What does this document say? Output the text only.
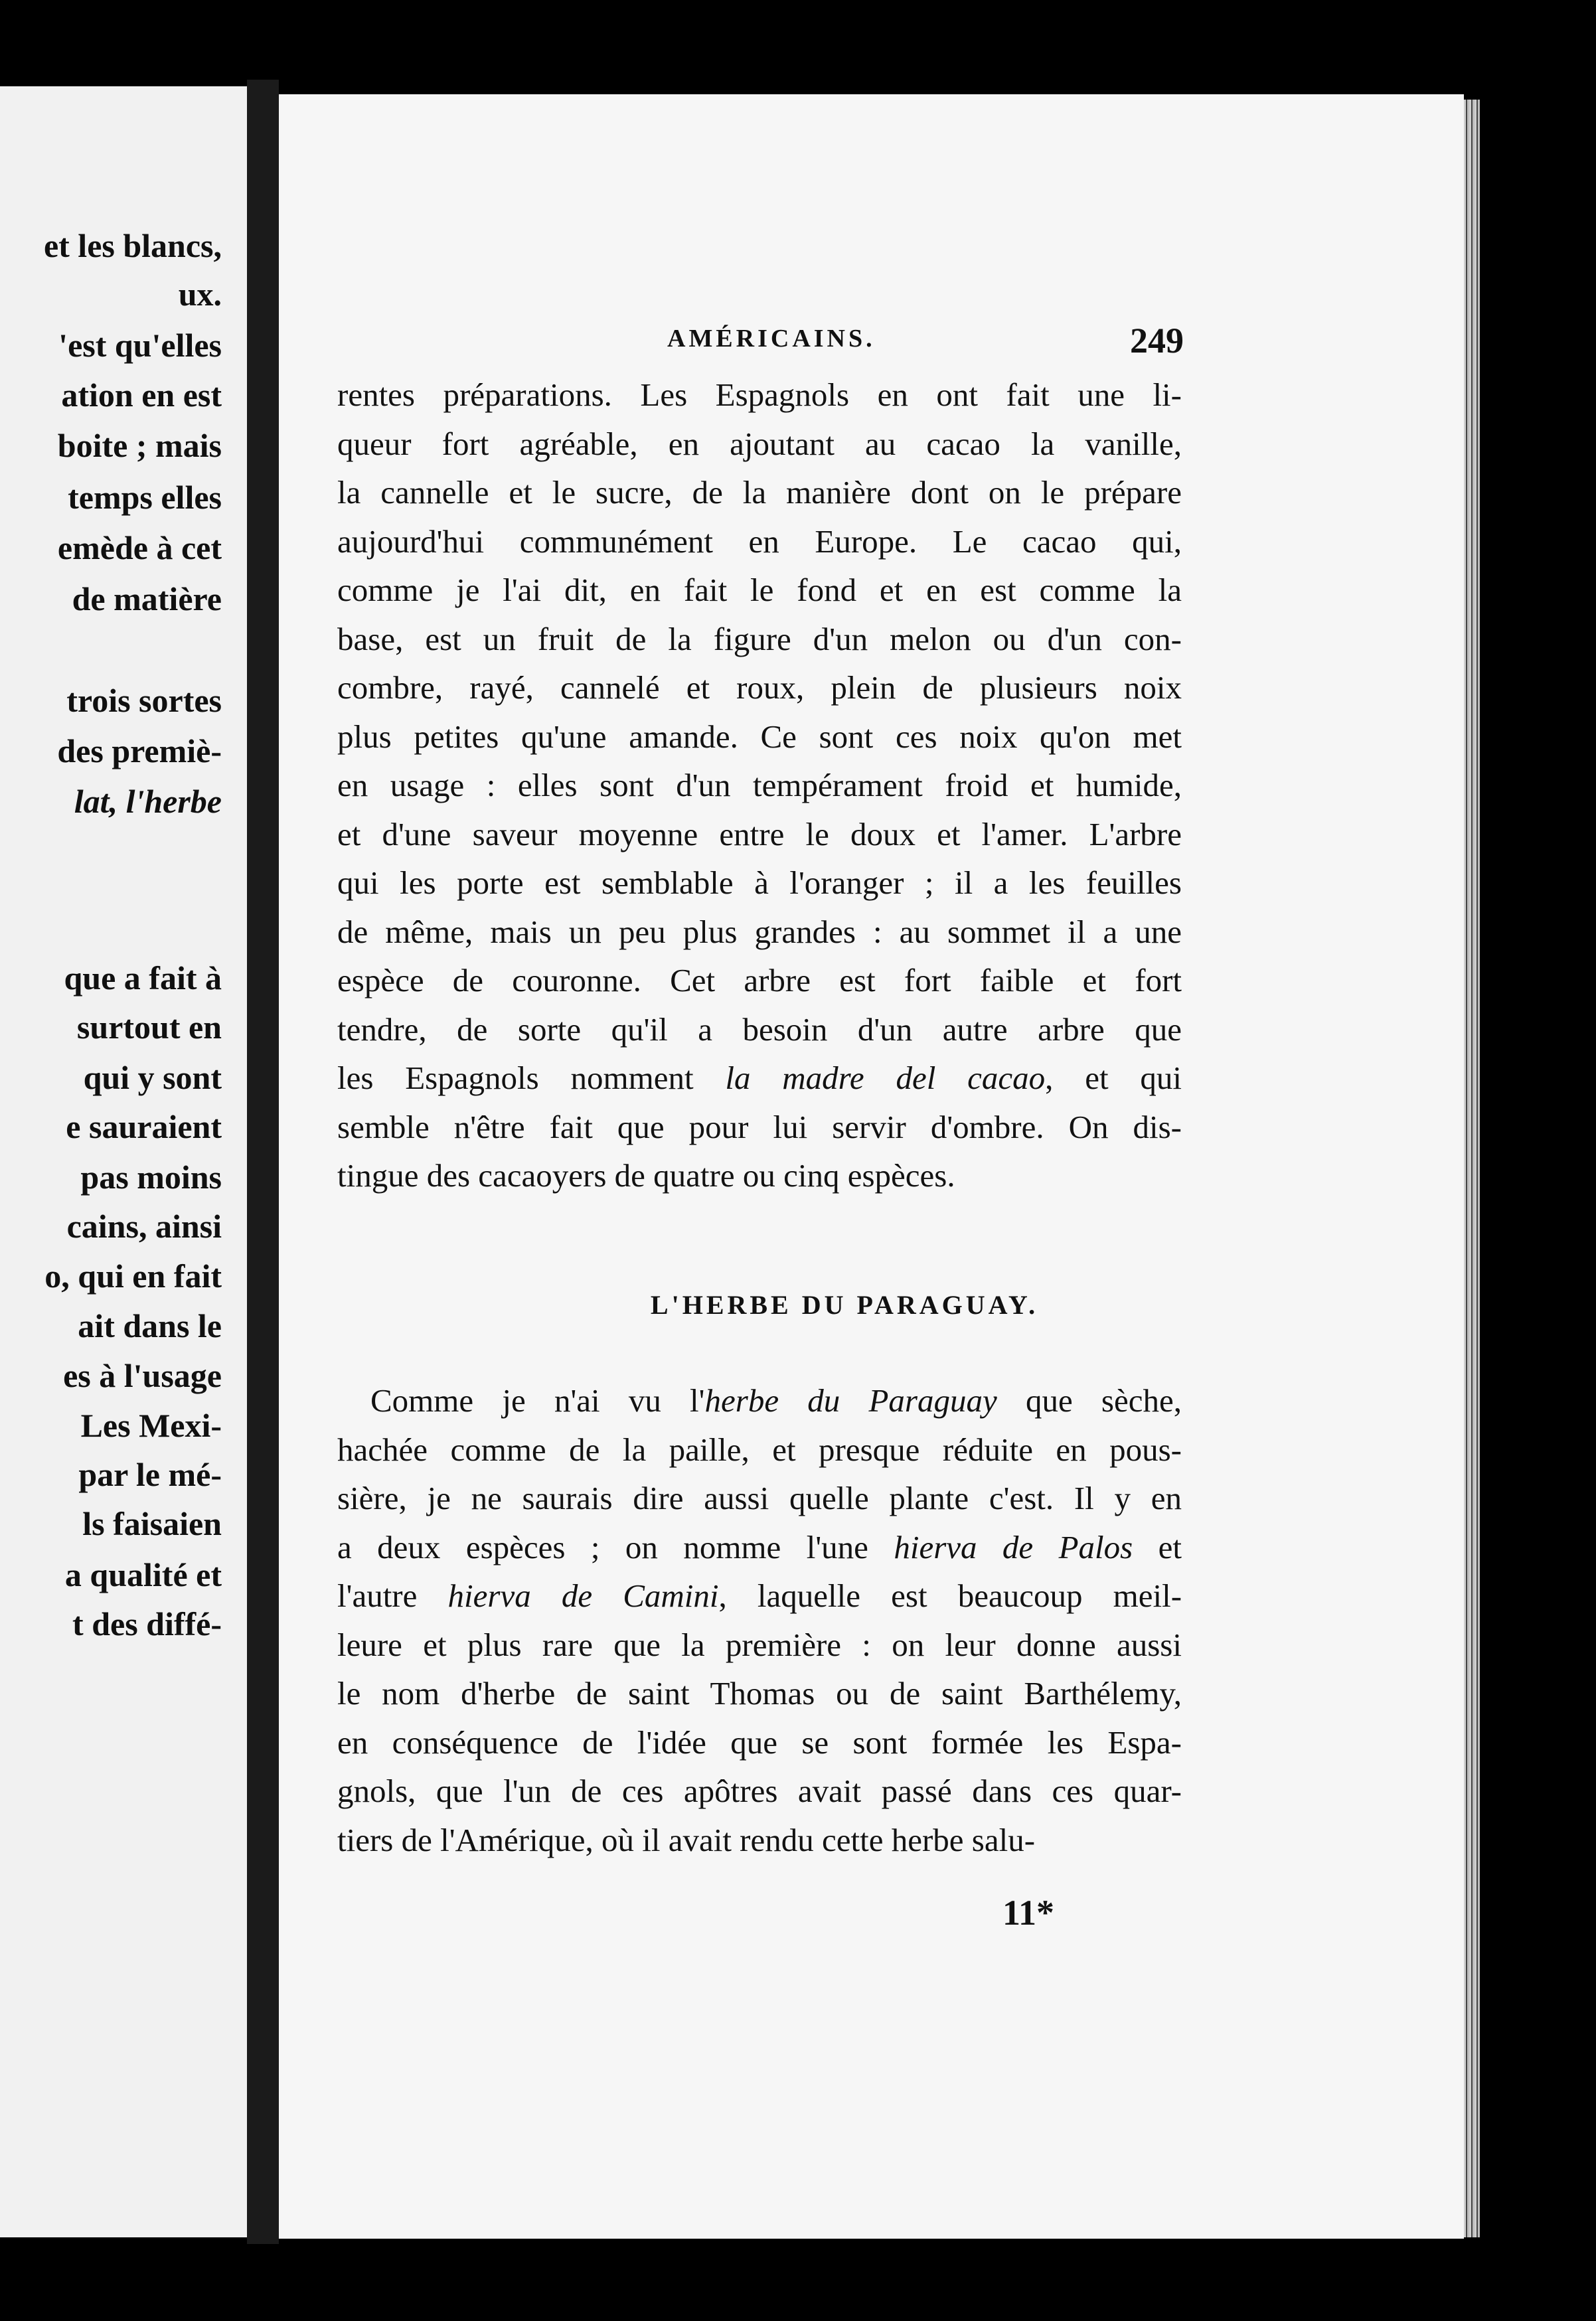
et les blancs,
ux.
'est qu'elles
ation en est
boite ; mais
temps elles
emède à cet
de matière
trois sortes
des premiè-
lat, l'herbe
que a fait à
surtout en
qui y sont
e sauraient
pas moins
cains, ainsi
o, qui en fait
ait dans le
es à l'usage
Les Mexi-
par le mé-
ls faisaien
a qualité et
t des diffé-
AMÉRICAINS.	249
rentes préparations. Les Espagnols en ont fait une li-
queur fort agréable, en ajoutant au cacao la vanille,
la cannelle et le sucre, de la manière dont on le prépare
aujourd'hui communément en Europe. Le cacao qui,
comme je l'ai dit, en fait le fond et en est comme la
base, est un fruit de la figure d'un melon ou d'un con-
combre, rayé, cannelé et roux, plein de plusieurs noix
plus petites qu'une amande. Ce sont ces noix qu'on met
en usage : elles sont d'un tempérament froid et humide,
et d'une saveur moyenne entre le doux et l'amer. L'arbre
qui les porte est semblable à l'oranger ; il a les feuilles
de même, mais un peu plus grandes : au sommet il a une
espèce de couronne. Cet arbre est fort faible et fort
tendre, de sorte qu'il a besoin d'un autre arbre que
les Espagnols nomment la madre del cacao, et qui
semble n'être fait que pour lui servir d'ombre. On dis-
tingue des cacaoyers de quatre ou cinq espèces.
L'HERBE DU PARAGUAY.
Comme je n'ai vu l'herbe du Paraguay que sèche,
hachée comme de la paille, et presque réduite en pous-
sière, je ne saurais dire aussi quelle plante c'est. Il y en
a deux espèces ; on nomme l'une hierva de Palos et
l'autre hierva de Camini, laquelle est beaucoup meil-
leure et plus rare que la première : on leur donne aussi
le nom d'herbe de saint Thomas ou de saint Barthélemy,
en conséquence de l'idée que se sont formée les Espa-
gnols, que l'un de ces apôtres avait passé dans ces quar-
tiers de l'Amérique, où il avait rendu cette herbe salu-
11*
